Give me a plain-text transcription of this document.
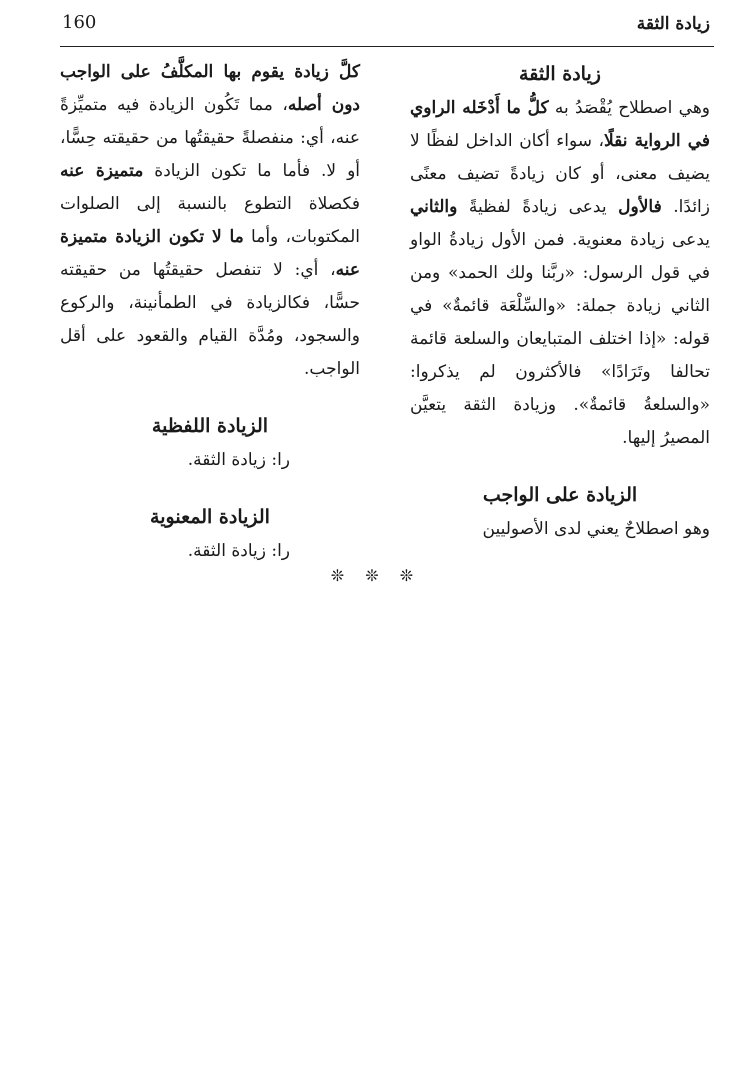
زيادة الثقة
160

زيادة الثقة

وهي اصطلاح يُقْصَدُ به كلُّ ما أَدْخَله الراوي في الرواية نقلًا، سواء أكان الداخل لفظًا لا يضيف معنى، أو كان زيادةً تضيف معنًى زائدًا. فالأول يدعى زيادةً لفظيةً والثاني يدعى زيادة معنوية. فمن الأول زيادةُ الواو في قول الرسول: «ربَّنا ولك الحمد» ومن الثاني زيادة جملة: «والسِّلْعَة قائمةٌ» في قوله: «إذا اختلف المتبايعان والسلعة قائمة تحالفا وتَرَادًا» فالأكثرون لم يذكروا: «والسلعةُ قائمةٌ». وزيادة الثقة يتعيَّن المصيرُ إليها.

الزيادة على الواجب

وهو اصطلاحٌ يعني لدى الأصوليين

كلَّ زيادة يقوم بها المكلَّفُ على الواجب دون أصله، مما تَكُون الزيادة فيه متميِّزةً عنه، أي: منفصلةً حقيقتُها من حقيقته حِسًّا، أو لا. فأما ما تكون الزيادة متميزة عنه فكصلاة التطوع بالنسبة إلى الصلوات المكتوبات، وأما ما لا تكون الزيادة متميزة عنه، أي: لا تنفصل حقيقتُها من حقيقته حسًّا، فكالزيادة في الطمأنينة، والركوع والسجود، ومُدَّة القيام والقعود على أقل الواجب.

الزيادة اللفظية

را: زيادة الثقة.

الزيادة المعنوية

را: زيادة الثقة.

❊ ❊ ❊
